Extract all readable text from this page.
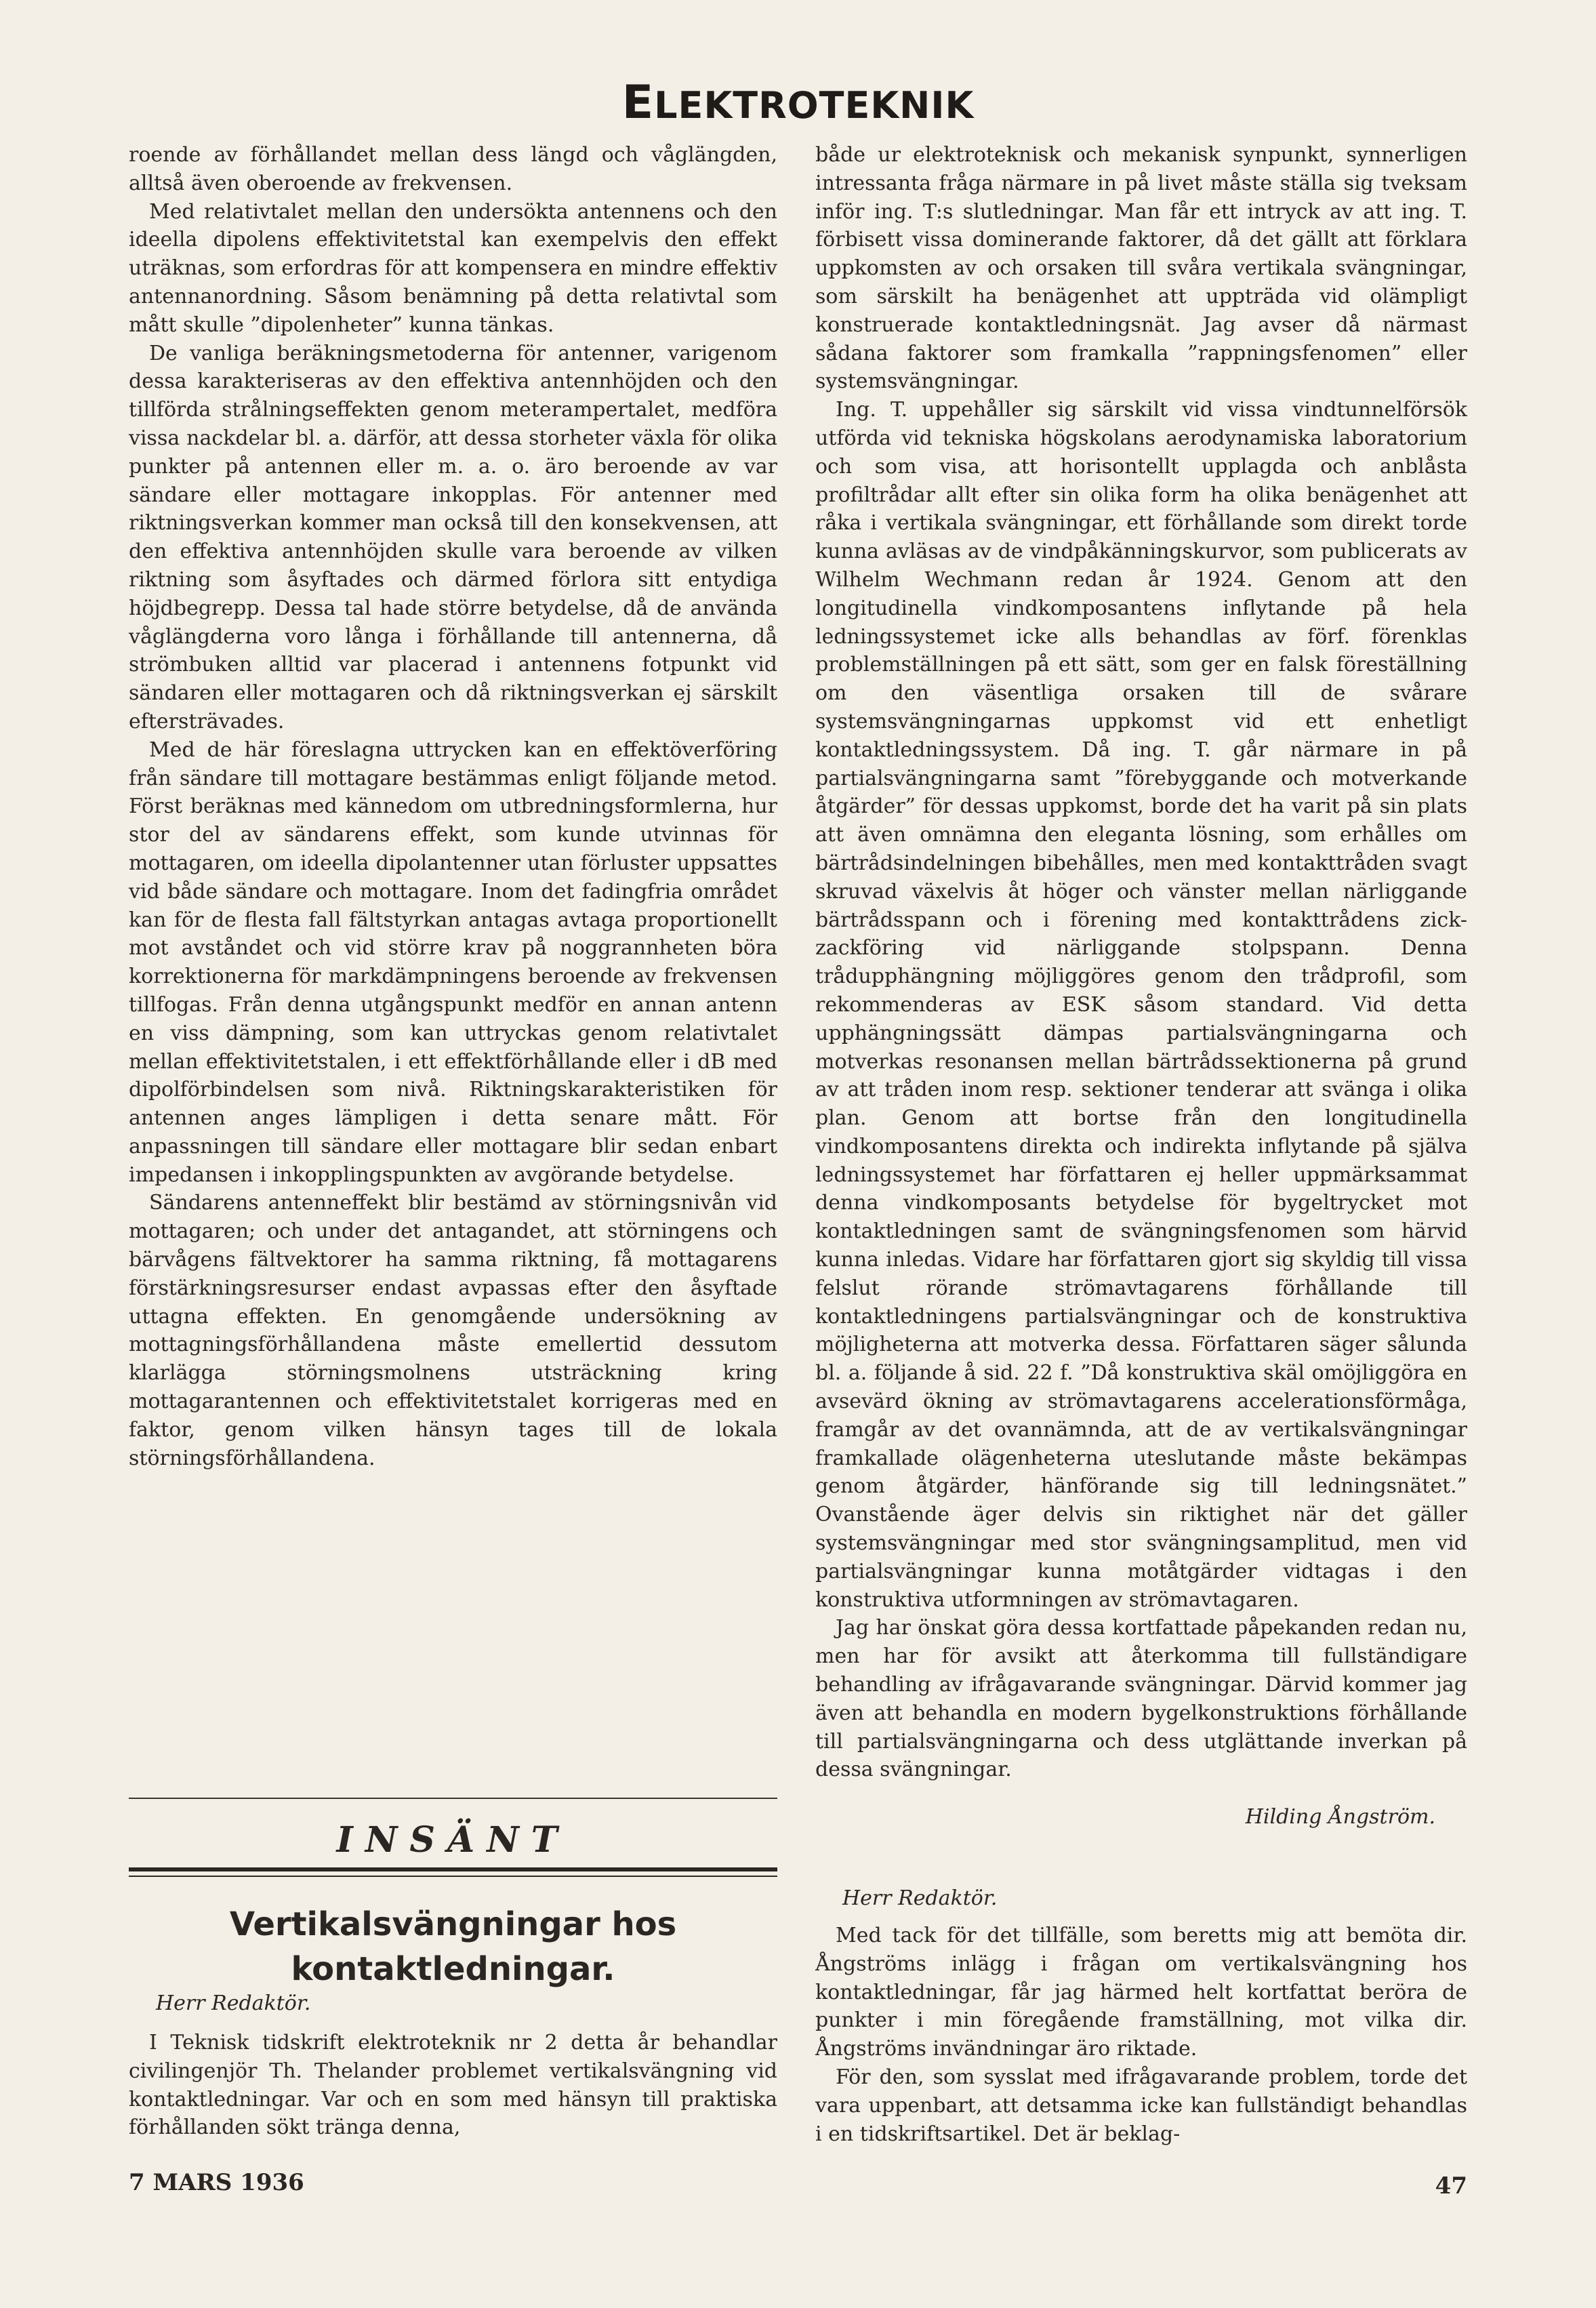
ELEKTROTEKNIK

roende av förhållandet mellan dess längd och våglängden, alltså även oberoende av frekvensen.

Med relativtalet mellan den undersökta antennens och den ideella dipolens effektivitetstal kan exempelvis den effekt uträknas, som erfordras för att kompensera en mindre effektiv antennanordning. Såsom benämning på detta relativtal som mått skulle ”dipolenheter” kunna tänkas.

De vanliga beräkningsmetoderna för antenner, varigenom dessa karakteriseras av den effektiva antennhöjden och den tillförda strålningseffekten genom meterampertalet, medföra vissa nackdelar bl. a. därför, att dessa storheter växla för olika punkter på antennen eller m. a. o. äro beroende av var sändare eller mottagare inkopplas. För antenner med riktningsverkan kommer man också till den konsekvensen, att den effektiva antennhöjden skulle vara beroende av vilken riktning som åsyftades och därmed förlora sitt entydiga höjdbegrepp. Dessa tal hade större betydelse, då de använda våglängderna voro långa i förhållande till antennerna, då strömbuken alltid var placerad i antennens fotpunkt vid sändaren eller mottagaren och då riktningsverkan ej särskilt eftersträvades.

Med de här föreslagna uttrycken kan en effektöverföring från sändare till mottagare bestämmas enligt följande metod. Först beräknas med kännedom om utbredningsformlerna, hur stor del av sändarens effekt, som kunde utvinnas för mottagaren, om ideella dipolantenner utan förluster uppsattes vid både sändare och mottagare. Inom det fadingfria området kan för de flesta fall fältstyrkan antagas avtaga proportionellt mot avståndet och vid större krav på noggrannheten böra korrektionerna för markdämpningens beroende av frekvensen tillfogas. Från denna utgångspunkt medför en annan antenn en viss dämpning, som kan uttryckas genom relativtalet mellan effektivitetstalen, i ett effektförhållande eller i dB med dipolförbindelsen som nivå. Riktningskarakteristiken för antennen anges lämpligen i detta senare mått. För anpassningen till sändare eller mottagare blir sedan enbart impedansen i inkopplingspunkten av avgörande betydelse.

Sändarens antenneffekt blir bestämd av störningsnivån vid mottagaren; och under det antagandet, att störningens och bärvågens fältvektorer ha samma riktning, få mottagarens förstärkningsresurser endast avpassas efter den åsyftade uttagna effekten. En genomgående undersökning av mottagningsförhållandena måste emellertid dessutom klarlägga störningsmolnens utsträckning kring mottagarantennen och effektivitetstalet korrigeras med en faktor, genom vilken hänsyn tages till de lokala störningsförhållandena.

både ur elektroteknisk och mekanisk synpunkt, synnerligen intressanta fråga närmare in på livet måste ställa sig tveksam inför ing. T:s slutledningar. Man får ett intryck av att ing. T. förbisett vissa dominerande faktorer, då det gällt att förklara uppkomsten av och orsaken till svåra vertikala svängningar, som särskilt ha benägenhet att uppträda vid olämpligt konstruerade kontaktledningsnät. Jag avser då närmast sådana faktorer som framkalla ”rappningsfenomen” eller systemsvängningar.

Ing. T. uppehåller sig särskilt vid vissa vindtunnelförsök utförda vid tekniska högskolans aerodynamiska laboratorium och som visa, att horisontellt upplagda och anblåsta profiltrådar allt efter sin olika form ha olika benägenhet att råka i vertikala svängningar, ett förhållande som direkt torde kunna avläsas av de vindpåkänningskurvor, som publicerats av Wilhelm Wechmann redan år 1924. Genom att den longitudinella vindkomposantens inflytande på hela ledningssystemet icke alls behandlas av förf. förenklas problemställningen på ett sätt, som ger en falsk föreställning om den väsentliga orsaken till de svårare systemsvängningarnas uppkomst vid ett enhetligt kontaktledningssystem. Då ing. T. går närmare in på partialsvängningarna samt ”förebyggande och motverkande åtgärder” för dessas uppkomst, borde det ha varit på sin plats att även omnämna den eleganta lösning, som erhålles om bärtrådsindelningen bibehålles, men med kontakttråden svagt skruvad växelvis åt höger och vänster mellan närliggande bärtrådsspann och i förening med kontakttrådens zick-zackföring vid närliggande stolpspann. Denna trådupphängning möjliggöres genom den trådprofil, som rekommenderas av ESK såsom standard. Vid detta upphängningssätt dämpas partialsvängningarna och motverkas resonansen mellan bärtrådssektionerna på grund av att tråden inom resp. sektioner tenderar att svänga i olika plan. Genom att bortse från den longitudinella vindkomposantens direkta och indirekta inflytande på själva ledningssystemet har författaren ej heller uppmärksammat denna vindkomposants betydelse för bygeltrycket mot kontaktledningen samt de svängningsfenomen som härvid kunna inledas. Vidare har författaren gjort sig skyldig till vissa felslut rörande strömavtagarens förhållande till kontaktledningens partialsvängningar och de konstruktiva möjligheterna att motverka dessa. Författaren säger sålunda bl. a. följande å sid. 22 f. ”Då konstruktiva skäl omöjliggöra en avsevärd ökning av strömavtagarens accelerationsförmåga, framgår av det ovannämnda, att de av vertikalsvängningar framkallade olägenheterna uteslutande måste bekämpas genom åtgärder, hänförande sig till ledningsnätet.” Ovanstående äger delvis sin riktighet när det gäller systemsvängningar med stor svängningsamplitud, men vid partialsvängningar kunna motåtgärder vidtagas i den konstruktiva utformningen av strömavtagaren.

Jag har önskat göra dessa kortfattade påpekanden redan nu, men har för avsikt att återkomma till fullständigare behandling av ifrågavarande svängningar. Därvid kommer jag även att behandla en modern bygelkonstruktions förhållande till partialsvängningarna och dess utglättande inverkan på dessa svängningar.

Hilding Ångström.
INSÄNT
Vertikalsvängningar hos kontaktledningar.
Herr Redaktör.

I Teknisk tidskrift elektroteknik nr 2 detta år behandlar civilingenjör Th. Thelander problemet vertikalsvängning vid kontaktledningar. Var och en som med hänsyn till praktiska förhållanden sökt tränga denna,

Herr Redaktör.

Med tack för det tillfälle, som beretts mig att bemöta dir. Ångströms inlägg i frågan om vertikalsvängning hos kontaktledningar, får jag härmed helt kortfattat beröra de punkter i min föregående framställning, mot vilka dir. Ångströms invändningar äro riktade.

För den, som sysslat med ifrågavarande problem, torde det vara uppenbart, att detsamma icke kan fullständigt behandlas i en tidskriftsartikel. Det är beklag-

7 MARS 1936	47
